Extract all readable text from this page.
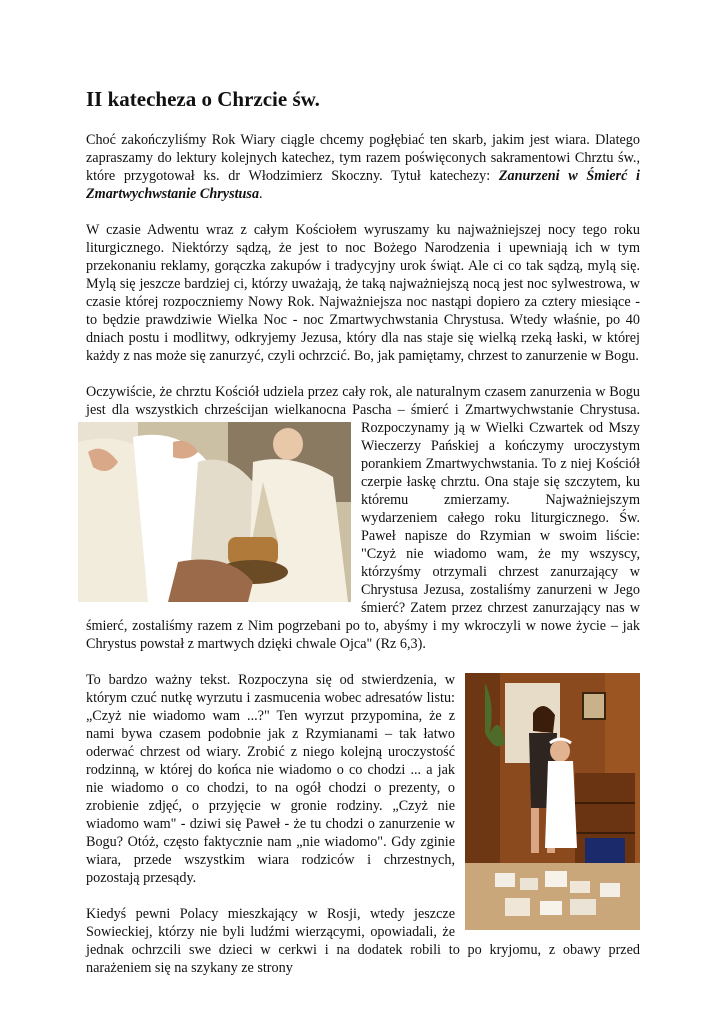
II katecheza o Chrzcie św.

Choć zakończyliśmy Rok Wiary ciągle chcemy pogłębiać ten skarb, jakim jest wiara. Dlatego zapraszamy do lektury kolejnych katechez, tym razem poświęconych sakramentowi Chrztu św., które przygotował ks. dr Włodzimierz Skoczny. Tytuł katechezy: Zanurzeni w Śmierć i Zmartwychwstanie Chrystusa.

W czasie Adwentu wraz z całym Kościołem wyruszamy ku najważniejszej nocy tego roku liturgicznego. Niektórzy sądzą, że jest to noc Bożego Narodzenia i upewniają ich w tym przekonaniu reklamy, gorączka zakupów i tradycyjny urok świąt. Ale ci co tak sądzą, mylą się. Mylą się jeszcze bardziej ci, którzy uważają, że taką najważniejszą nocą jest noc sylwestrowa, w czasie której rozpoczniemy Nowy Rok. Najważniejsza noc nastąpi dopiero za cztery miesiące - to będzie prawdziwie Wielka Noc - noc Zmartwychwstania Chrystusa. Wtedy właśnie, po 40 dniach postu i modlitwy, odkryjemy Jezusa, który dla nas staje się wielką rzeką łaski, w której każdy z nas może się zanurzyć, czyli ochrzcić. Bo, jak pamiętamy, chrzest to zanurzenie w Bogu.

Oczywiście, że chrztu Kościół udziela przez cały rok, ale naturalnym czasem zanurzenia w Bogu jest dla wszystkich chrześcijan wielkanocna Pascha – śmierć i Zmartwychwstanie Chrystusa. Rozpoczynamy ją w Wielki Czwartek od Mszy Wieczerzy Pańskiej a kończymy uroczystym porankiem Zmartwychwstania. To z niej Kościół czerpie łaskę chrztu. Ona staje się szczytem, ku któremu zmierzamy. Najważniejszym wydarzeniem całego roku liturgicznego. Św. Paweł napisze do Rzymian w swoim liście: "Czyż nie wiadomo wam, że my wszyscy, którzyśmy otrzymali chrzest zanurzający w Chrystusa Jezusa, zostaliśmy zanurzeni w Jego śmierć? Zatem przez chrzest zanurzający nas w śmierć, zostaliśmy razem z Nim pogrzebani po to, abyśmy i my wkroczyli w nowe życie – jak Chrystus powstał z martwych dzięki chwale Ojca" (Rz 6,3).

To bardzo ważny tekst. Rozpoczyna się od stwierdzenia, w którym czuć nutkę wyrzutu i zasmucenia wobec adresatów listu: „Czyż nie wiadomo wam ...?" Ten wyrzut przypomina, że z nami bywa czasem podobnie jak z Rzymianami – tak łatwo oderwać chrzest od wiary. Zrobić z niego kolejną uroczystość rodzinną, w której do końca nie wiadomo o co chodzi ... a jak nie wiadomo o co chodzi, to na ogół chodzi o prezenty, o zrobienie zdjęć, o przyjęcie w gronie rodziny. „Czyż nie wiadomo wam" - dziwi się Paweł - że tu chodzi o zanurzenie w Bogu? Otóż, często faktycznie nam „nie wiadomo". Gdy zginie wiara, przede wszystkim wiara rodziców i chrzestnych, pozostają przesądy.

Kiedyś pewni Polacy mieszkający w Rosji, wtedy jeszcze Sowieckiej, którzy nie byli ludźmi wierzącymi, opowiadali, że jednak ochrzcili swe dzieci w cerkwi i na dodatek robili to po kryjomu, z obawy przed narażeniem się na szykany ze strony
